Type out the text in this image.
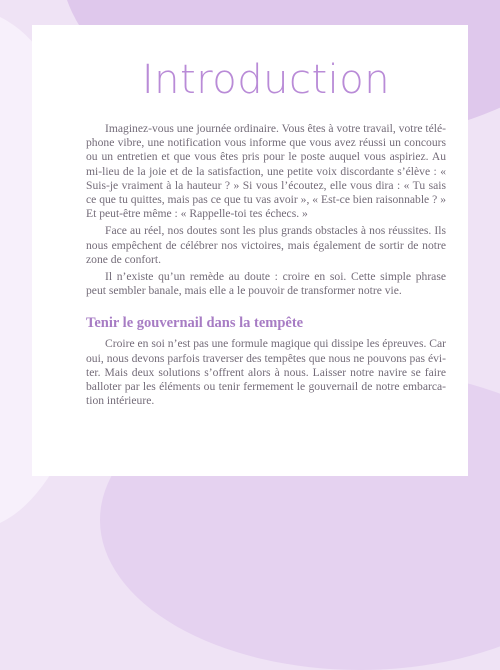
Introduction

Imaginez-vous une journée ordinaire. Vous êtes à votre travail, votre télé-phone vibre, une notification vous informe que vous avez réussi un concours ou un entretien et que vous êtes pris pour le poste auquel vous aspiriez. Au mi-lieu de la joie et de la satisfaction, une petite voix discordante s’élève : « Suis-je vraiment à la hauteur ? » Si vous l’écoutez, elle vous dira : « Tu sais ce que tu quittes, mais pas ce que tu vas avoir », « Est-ce bien raisonnable ? » Et peut-être même : « Rappelle-toi tes échecs. »

Face au réel, nos doutes sont les plus grands obstacles à nos réussites. Ils nous empêchent de célébrer nos victoires, mais également de sortir de notre zone de confort.

Il n’existe qu’un remède au doute : croire en soi. Cette simple phrase peut sembler banale, mais elle a le pouvoir de transformer notre vie.

Tenir le gouvernail dans la tempête

Croire en soi n’est pas une formule magique qui dissipe les épreuves. Car oui, nous devons parfois traverser des tempêtes que nous ne pouvons pas évi-ter. Mais deux solutions s’offrent alors à nous. Laisser notre navire se faire balloter par les éléments ou tenir fermement le gouvernail de notre embarca-tion intérieure.
